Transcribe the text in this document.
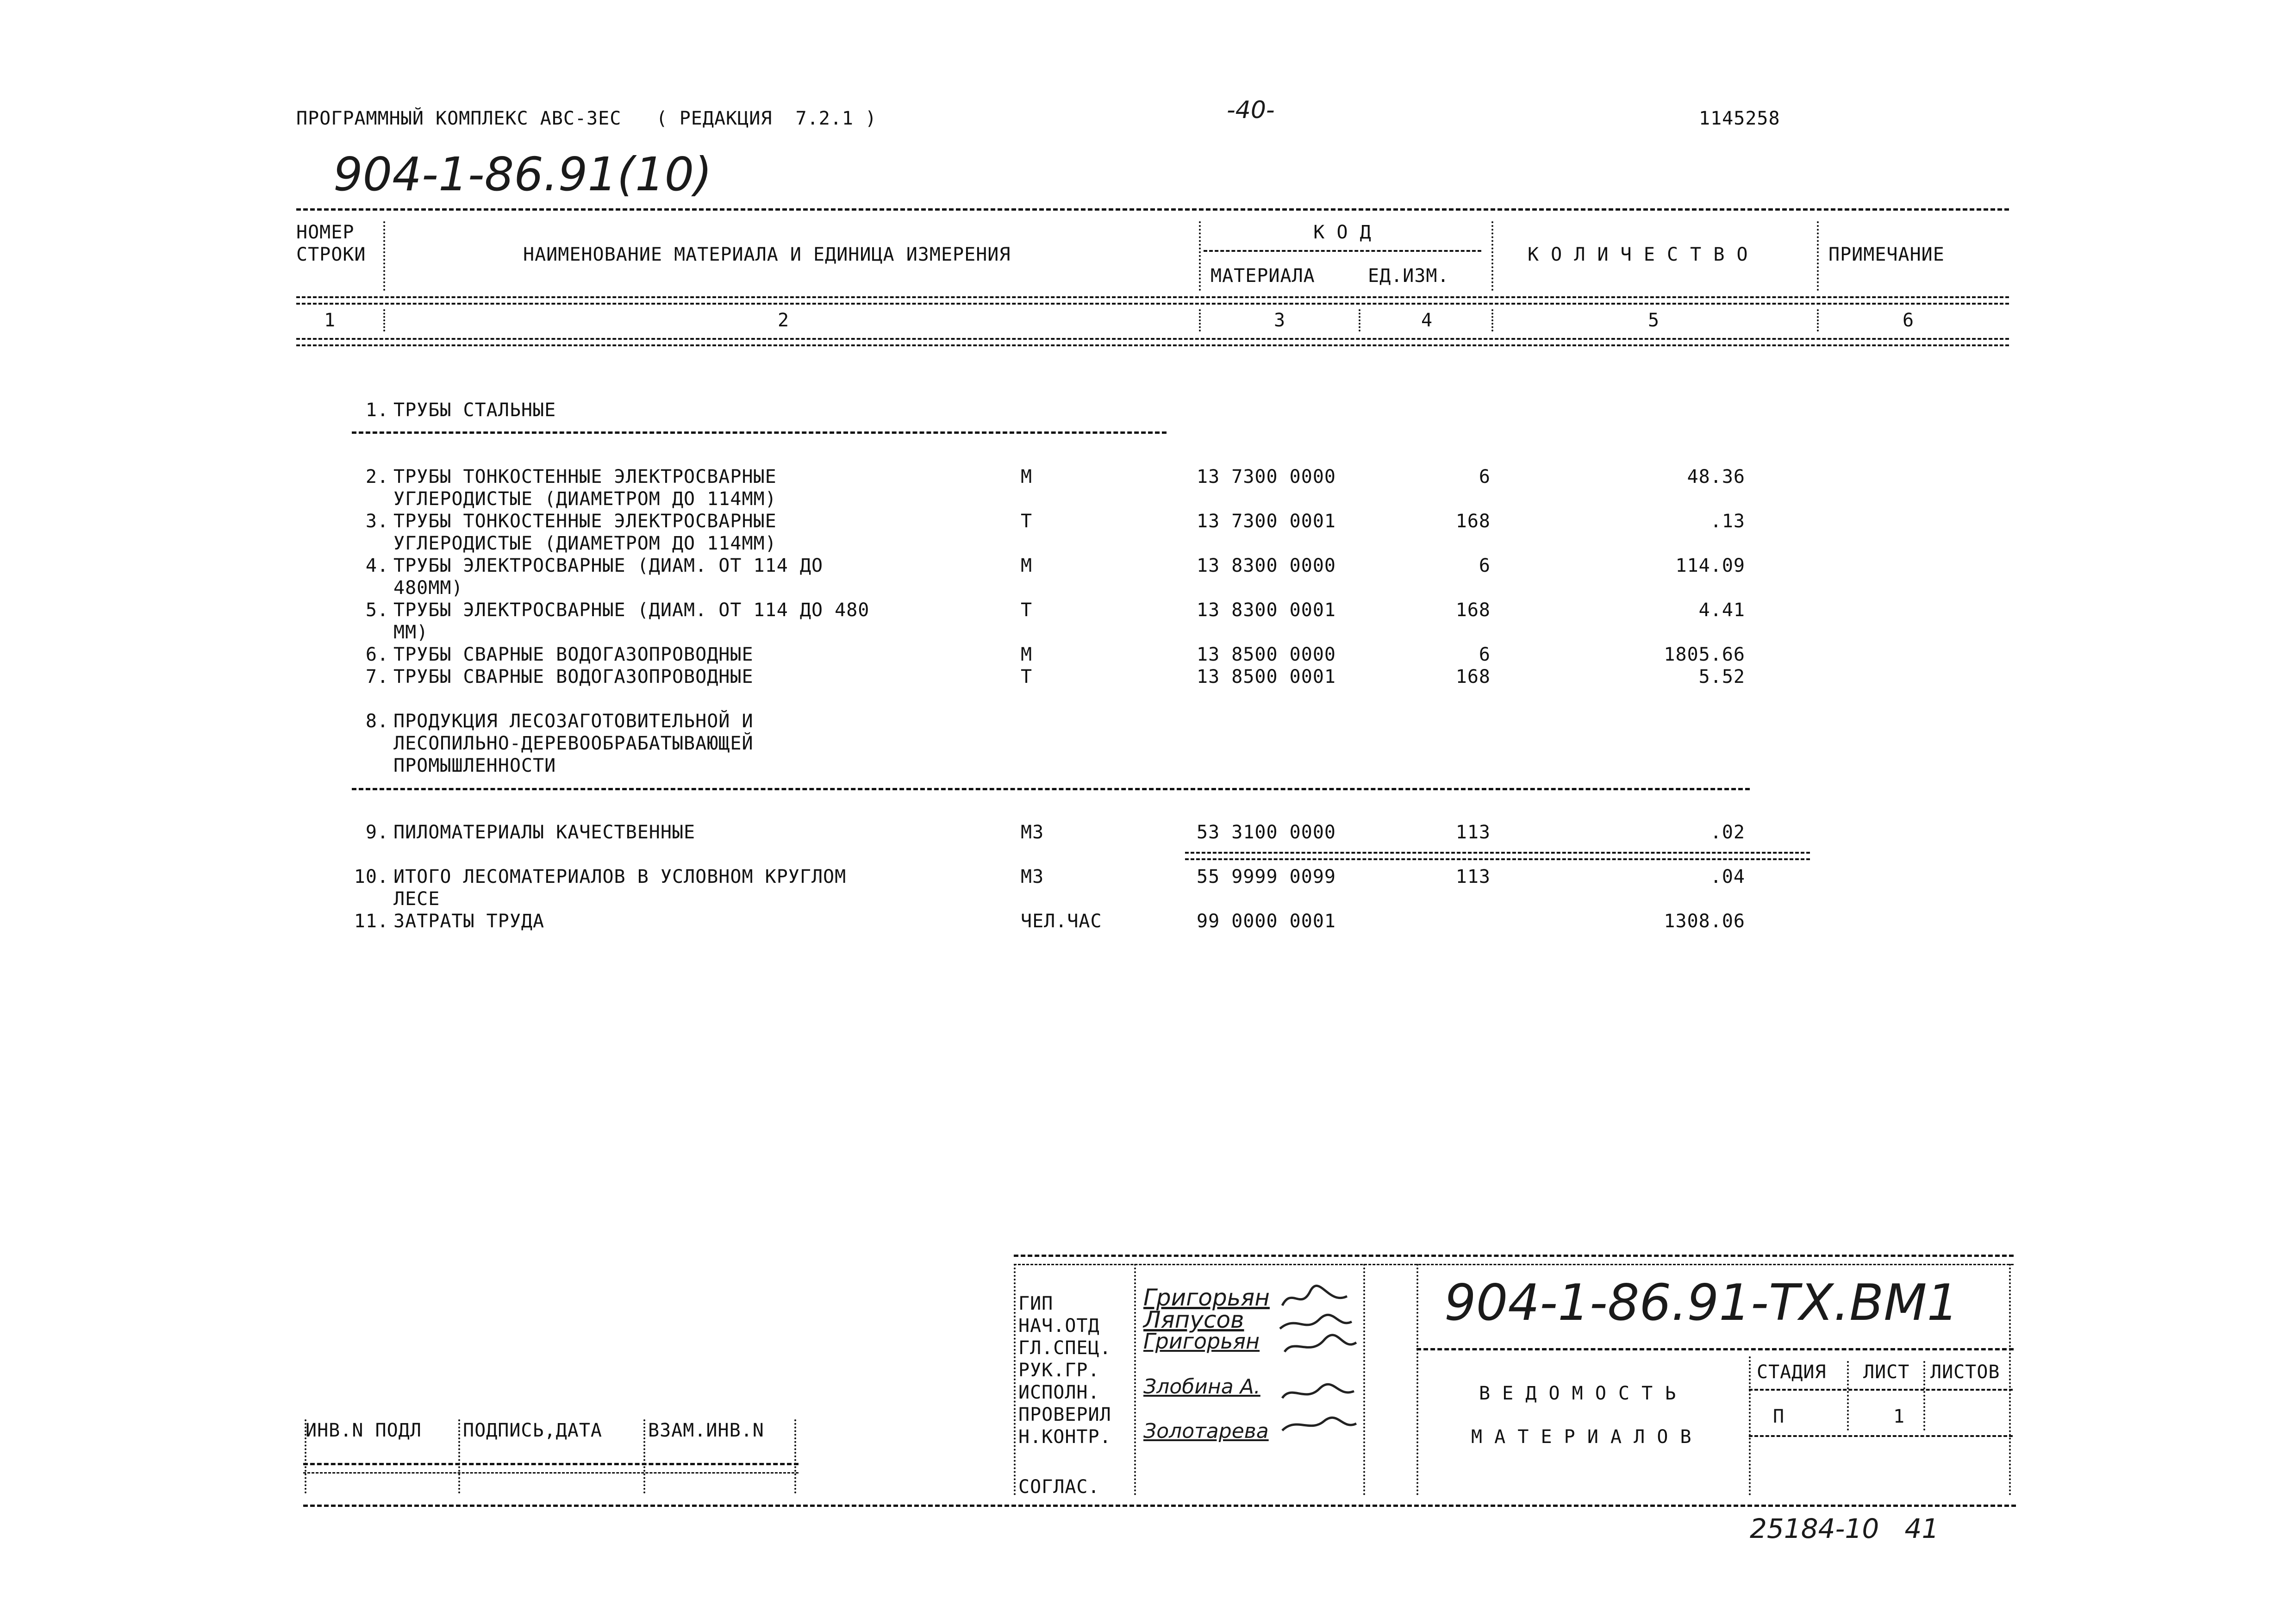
ПРОГРАММНЫЙ КОМПЛЕКС АВС-ЗЕС   ( РЕДАКЦИЯ  7.2.1 )	-40-	1145258
904-1-86.91(10)
НОМЕР
СТРОКИ	НАИМЕНОВАНИЕ МАТЕРИАЛА И ЕДИНИЦА ИЗМЕРЕНИЯ
К О Д
МАТЕРИАЛА	ЕД.ИЗМ.
К О Л И Ч Е С Т В О	ПРИМЕЧАНИЕ
1	2	3	4	5	6
1. ТРУБЫ СТАЛЬНЫЕ
2. ТРУБЫ ТОНКОСТЕННЫЕ ЭЛЕКТРОСВАРНЫЕ
УГЛЕРОДИСТЫЕ (ДИАМЕТРОМ ДО 114ММ)
М	13 7300 0000	6	48.36
3. ТРУБЫ ТОНКОСТЕННЫЕ ЭЛЕКТРОСВАРНЫЕ
УГЛЕРОДИСТЫЕ (ДИАМЕТРОМ ДО 114ММ)
Т	13 7300 0001	168	.13
4. ТРУБЫ ЭЛЕКТРОСВАРНЫЕ (ДИАМ. ОТ 114 ДО
480ММ)
М	13 8300 0000	6	114.09
5. ТРУБЫ ЭЛЕКТРОСВАРНЫЕ (ДИАМ. ОТ 114 ДО 480
ММ)
Т	13 8300 0001	168	4.41
6. ТРУБЫ СВАРНЫЕ ВОДОГАЗОПРОВОДНЫЕ	М	13 8500 0000	6	1805.66
7. ТРУБЫ СВАРНЫЕ ВОДОГАЗОПРОВОДНЫЕ	Т	13 8500 0001	168	5.52
8. ПРОДУКЦИЯ ЛЕСОЗАГОТОВИТЕЛЬНОЙ И
ЛЕСОПИЛЬНО-ДЕРЕВООБРАБАТЫВАЮЩЕЙ
ПРОМЫШЛЕННОСТИ
9. ПИЛОМАТЕРИАЛЫ КАЧЕСТВЕННЫЕ	М3	53 3100 0000	113	.02
10. ИТОГО ЛЕСОМАТЕРИАЛОВ В УСЛОВНОМ КРУГЛОМ
ЛЕСЕ
М3	55 9999 0099	113	.04
11. ЗАТРАТЫ ТРУДА	ЧЕЛ.ЧАС	99 0000 0001	1308.06
ИНВ.N ПОДЛ ПОДПИСЬ,ДАТА ВЗАМ.ИНВ.N
ГИП
НАЧ.ОТД
ГЛ.СПЕЦ.
РУК.ГР.
ИСПОЛН.
ПРОВЕРИЛ
Н.КОНТР.
СОГЛАС.
Григорьян
Ляпусов
Григорьян
Злобина А.
Золотарева
904-1-86.91-ТХ.ВМ1
В Е Д О М О С Т Ь
М А Т Е Р И А Л О В
СТАДИЯ ЛИСТ ЛИСТОВ
П	1
25184-10   41
